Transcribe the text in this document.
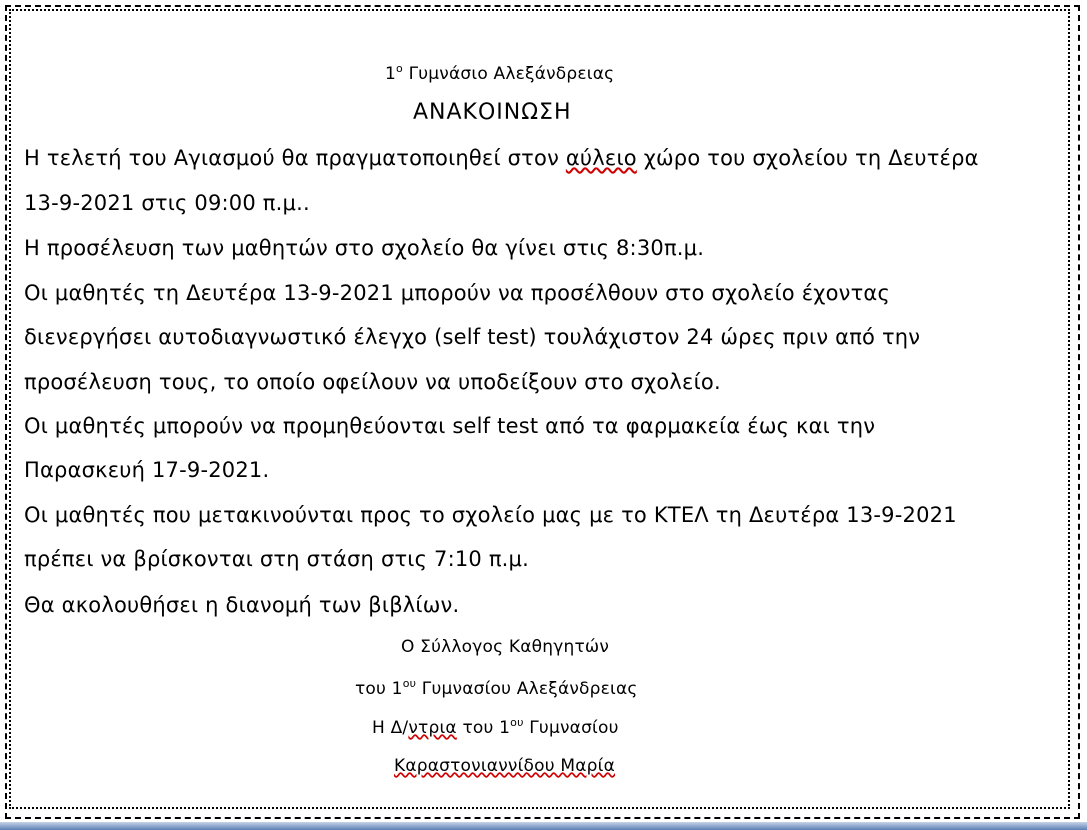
$1^o$ Γυμνάσιο Αλεξάνδρειας
ΑΝΑΚΟΙΝΩΣΗ
Η τελετή του Αγιασμού θα πραγματοποιηθεί στον αύλειο χώρο του σχολείου τη Δευτέρα
13-9-2021 στις 09:00 π.μ..
Η προσέλευση των μαθητών στο σχολείο θα γίνει στις 8:30π.μ.
Οι μαθητές τη Δευτέρα 13-9-2021 μπορούν να προσέλθουν στο σχολείο έχοντας
διενεργήσει αυτοδιαγνωστικό έλεγχο (self test) τουλάχιστον 24 ώρες πριν από την
προσέλευση τους, το οποίο οφείλουν να υποδείξουν στο σχολείο.
Οι μαθητές μπορούν να προμηθεύονται self test από τα φαρμακεία έως και την
Παρασκευή 17-9-2021.
Οι μαθητές που μετακινούνται προς το σχολείο μας με το ΚΤΕΛ τη Δευτέρα 13-9-2021
πρέπει να βρίσκονται στη στάση στις 7:10 π.μ.
Θα ακολουθήσει η διανομή των βιβλίων.
Ο Σύλλογος Καθηγητών
του $1^{o\upsilon}$ Γυμνασίου Αλεξάνδρειας
Η Δ/ντρια του $1^{o\upsilon}$ Γυμνασίου
Καραστονιαννίδου Μαρία
